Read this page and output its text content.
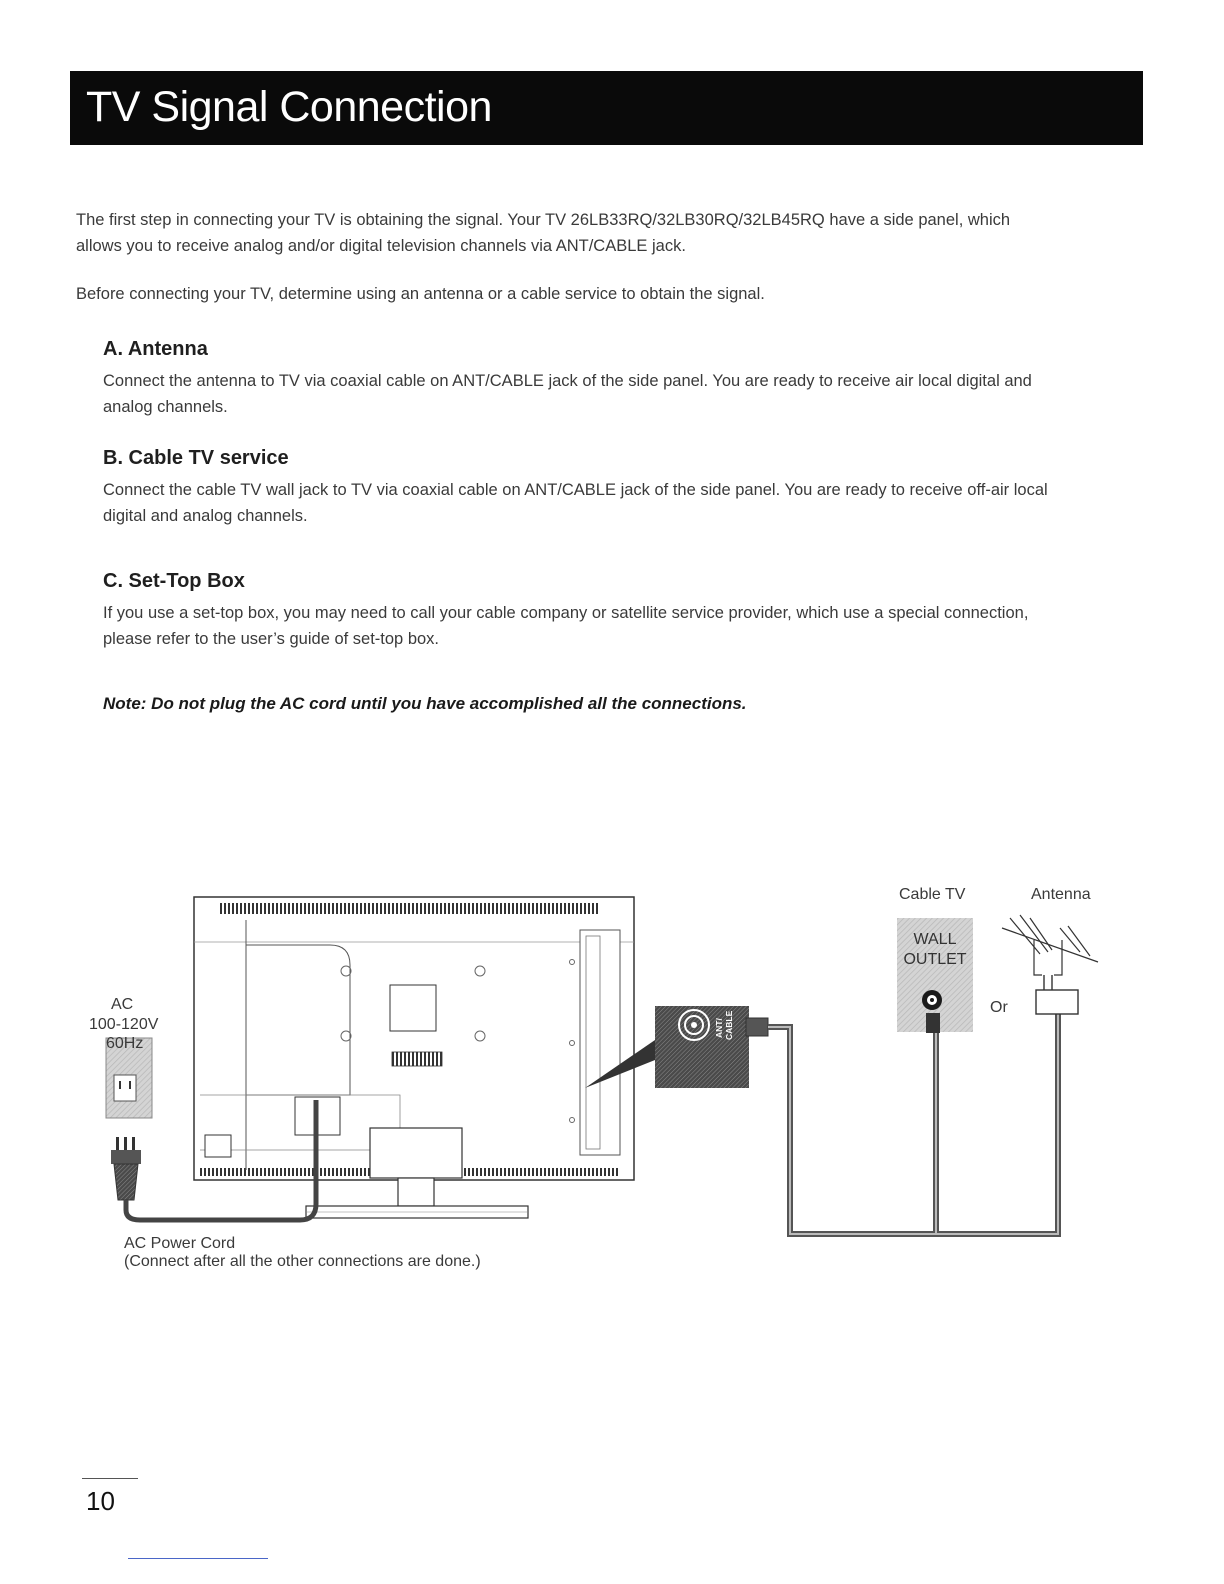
TV Signal Connection

The first step in connecting your TV is obtaining the signal. Your TV 26LB33RQ/32LB30RQ/32LB45RQ have a side panel, which

allows you to receive analog and/or digital television channels via ANT/CABLE jack.

Before connecting your TV, determine using an antenna or a cable service to obtain the signal.

A. Antenna

Connect the antenna to TV via coaxial cable on ANT/CABLE jack of the side panel. You are ready to receive air local digital and

analog channels.

B. Cable TV service

Connect the cable TV wall jack to TV via coaxial cable on ANT/CABLE jack of the side panel. You are ready to receive off-air local

digital and analog channels.

C. Set-Top Box

If you use a set-top box, you may need to call your cable company or satellite service provider, which use a special connection,

please refer to the user’s guide of set-top box.

Note: Do not plug the AC cord until you have accomplished all the connections.

ANT/ CABLE
WALL
OUTLET
AC
100-120V
60Hz
Cable TV	Antenna
Or
AC Power Cord
(Connect after all the other connections are done.)
10
